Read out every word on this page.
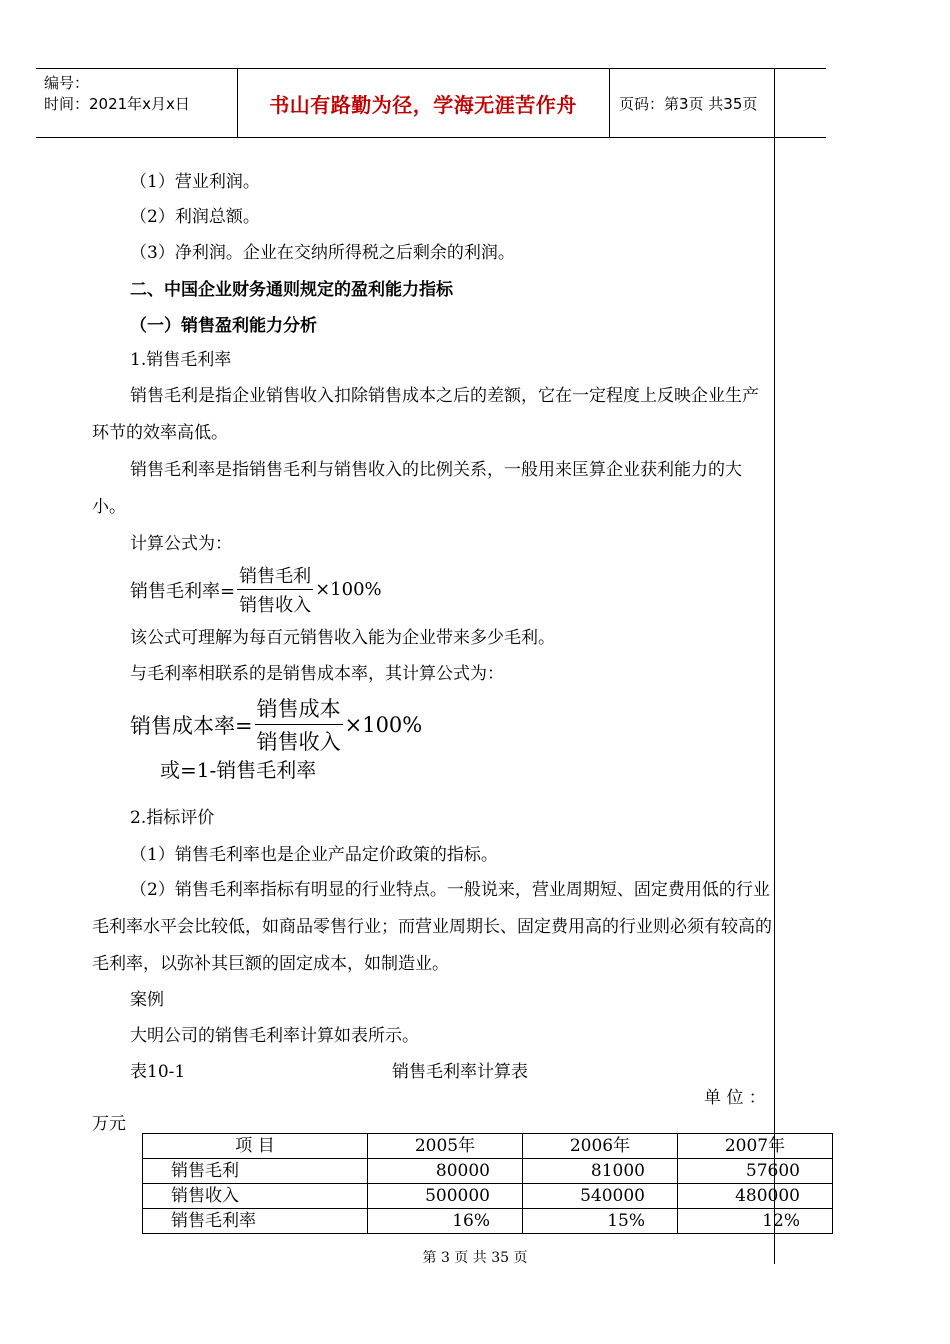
编号：
时间：2021年x月x日	书山有路勤为径，学海无涯苦作舟	页码：第3页 共35页
（1）营业利润。
（2）利润总额。
（3）净利润。企业在交纳所得税之后剩余的利润。
二、中国企业财务通则规定的盈利能力指标
（一）销售盈利能力分析
1.销售毛利率
销售毛利是指企业销售收入扣除销售成本之后的差额，它在一定程度上反映企业生产环节的效率高低。
销售毛利率是指销售毛利与销售收入的比例关系，一般用来匡算企业获利能力的大小。
计算公式为：
销售毛利率= $\frac{\text{销售毛利}}{\text{销售收入}} \times 100\%$
该公式可理解为每百元销售收入能为企业带来多少毛利。
与毛利率相联系的是销售成本率，其计算公式为：
销售成本率= $\frac{\text{销售成本}}{\text{销售收入}} \times 100\%$
或=1-销售毛利率
2.指标评价
（1）销售毛利率也是企业产品定价政策的指标。
（2）销售毛利率指标有明显的行业特点。一般说来，营业周期短、固定费用低的行业毛利率水平会比较低，如商品零售行业；而营业周期长、固定费用高的行业则必须有较高的毛利率，以弥补其巨额的固定成本，如制造业。
案例
大明公司的销售毛利率计算如表所示。
表10-1	销售毛利率计算表
单 位 ：
万元
项 目	2005年	2006年	2007年
销售毛利	80000	81000	57600
销售收入	500000	540000	480000
销售毛利率	16%	15%	12%
第 3 页 共 35 页
